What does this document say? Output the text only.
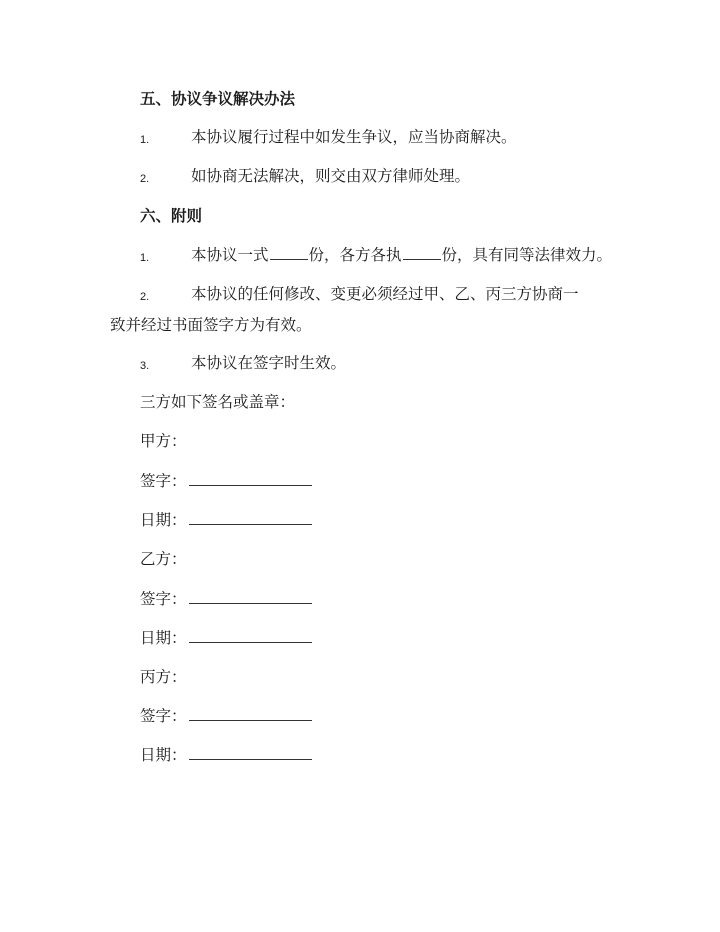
五、协议争议解决办法
1.	本协议履行过程中如发生争议，应当协商解决。
2.	如协商无法解决，则交由双方律师处理。
六、附则
1.	本协议一式	份，各方各执	份，具有同等法律效力。
2.	本协议的任何修改、变更必须经过甲、乙、丙三方协商一
致并经过书面签字方为有效。
3.	本协议在签字时生效。
三方如下签名或盖章：
甲方：
签字：
日期：
乙方：
签字：
日期：
丙方：
签字：
日期：
